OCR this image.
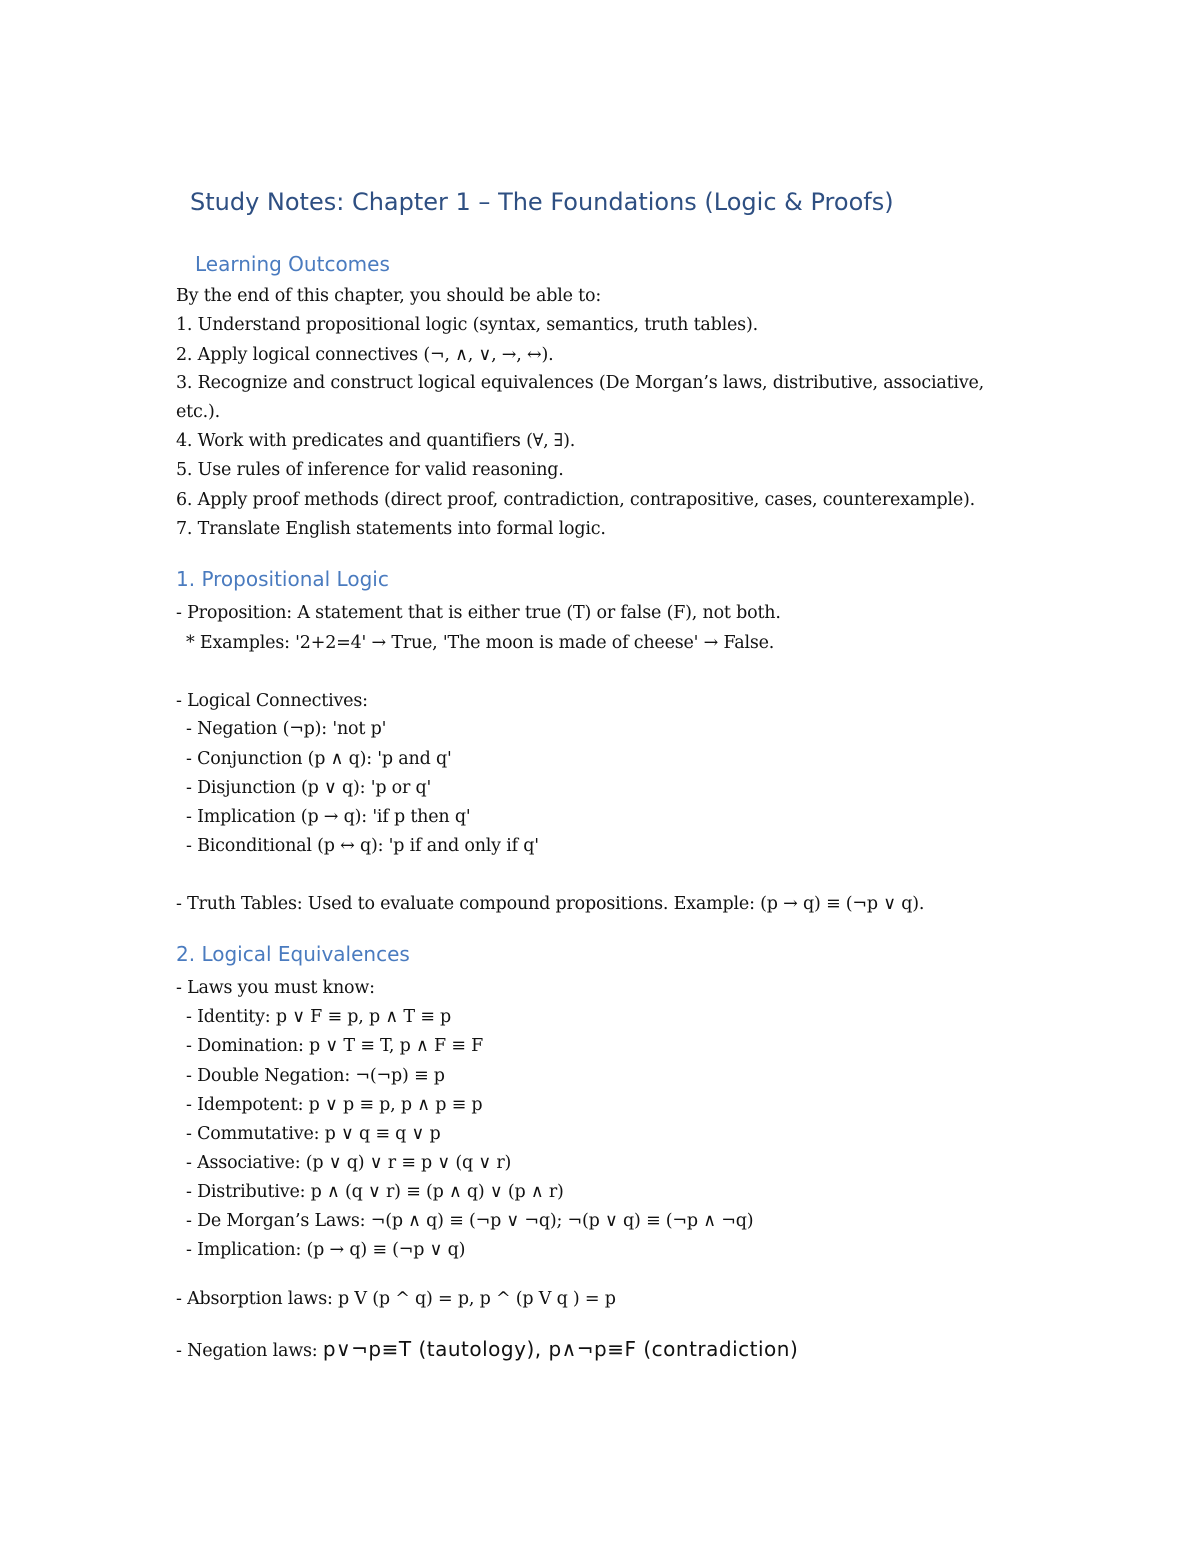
Study Notes: Chapter 1 – The Foundations (Logic & Proofs)
Learning Outcomes
By the end of this chapter, you should be able to:
1. Understand propositional logic (syntax, semantics, truth tables).
2. Apply logical connectives (¬, ∧, ∨, →, ↔).
3. Recognize and construct logical equivalences (De Morgan’s laws, distributive, associative,
etc.).
4. Work with predicates and quantifiers (∀, ∃).
5. Use rules of inference for valid reasoning.
6. Apply proof methods (direct proof, contradiction, contrapositive, cases, counterexample).
7. Translate English statements into formal logic.
1. Propositional Logic
- Proposition: A statement that is either true (T) or false (F), not both.
* Examples: '2+2=4' → True, 'The moon is made of cheese' → False.
- Logical Connectives:
- Negation (¬p): 'not p'
- Conjunction (p ∧ q): 'p and q'
- Disjunction (p ∨ q): 'p or q'
- Implication (p → q): 'if p then q'
- Biconditional (p ↔ q): 'p if and only if q'
- Truth Tables: Used to evaluate compound propositions. Example: (p → q) ≡ (¬p ∨ q).
2. Logical Equivalences
- Laws you must know:
- Identity: p ∨ F ≡ p, p ∧ T ≡ p
- Domination: p ∨ T ≡ T, p ∧ F ≡ F
- Double Negation: ¬(¬p) ≡ p
- Idempotent: p ∨ p ≡ p, p ∧ p ≡ p
- Commutative: p ∨ q ≡ q ∨ p
- Associative: (p ∨ q) ∨ r ≡ p ∨ (q ∨ r)
- Distributive: p ∧ (q ∨ r) ≡ (p ∧ q) ∨ (p ∧ r)
- De Morgan’s Laws: ¬(p ∧ q) ≡ (¬p ∨ ¬q); ¬(p ∨ q) ≡ (¬p ∧ ¬q)
- Implication: (p → q) ≡ (¬p ∨ q)
- Absorption laws: p V (p ^ q) = p, p ^ (p V q ) = p
- Negation laws: p∨¬p≡T (tautology), p∧¬p≡F (contradiction)
